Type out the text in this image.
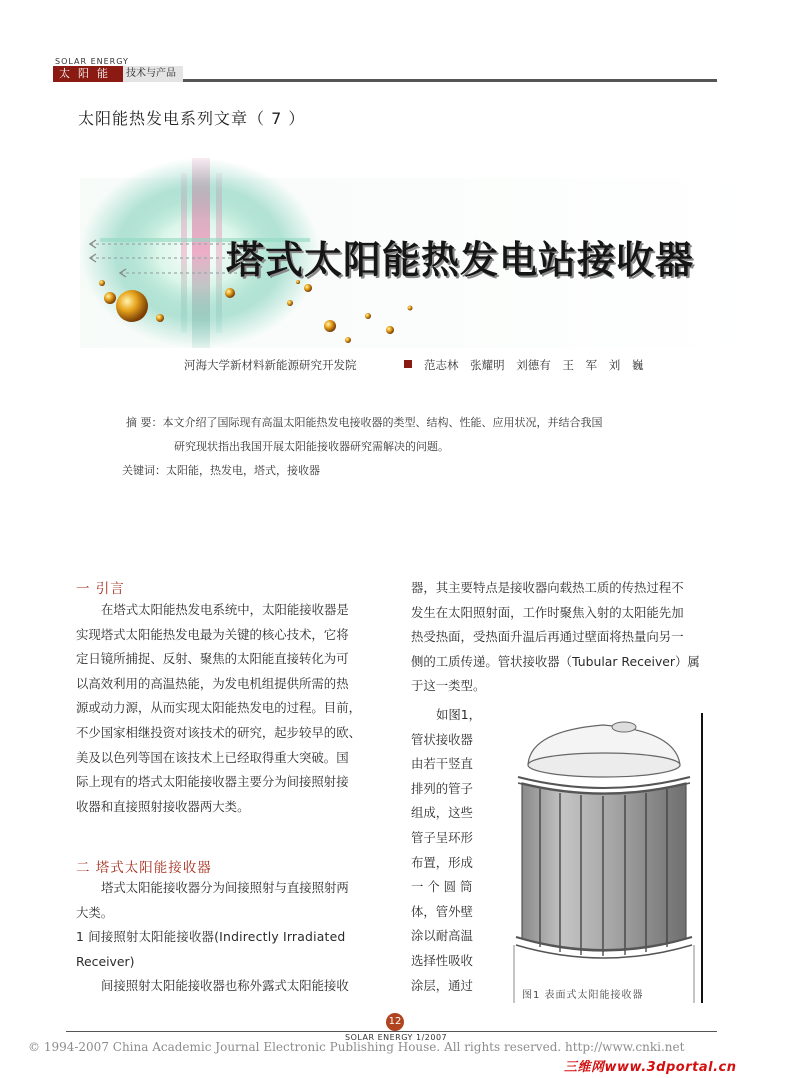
SOLAR ENERGY
太阳能	技术与产品
太阳能热发电系列文章（ 7 ）
塔式太阳能热发电站接收器
河海大学新材料新能源研究开发院	范志林 张耀明 刘德有 王 军 刘 巍
摘 要：本文介绍了国际现有高温太阳能热发电接收器的类型、结构、性能、应用状况，并结合我国
研究现状指出我国开展太阳能接收器研究需解决的问题。
关键词：太阳能，热发电，塔式，接收器
一 引言
在塔式太阳能热发电系统中，太阳能接收器是
实现塔式太阳能热发电最为关键的核心技术，它将
定日镜所捕捉、反射、聚焦的太阳能直接转化为可
以高效利用的高温热能，为发电机组提供所需的热
源或动力源，从而实现太阳能热发电的过程。目前，
不少国家相继投资对该技术的研究，起步较早的欧、
美及以色列等国在该技术上已经取得重大突破。国
际上现有的塔式太阳能接收器主要分为间接照射接
收器和直接照射接收器两大类。
二 塔式太阳能接收器
塔式太阳能接收器分为间接照射与直接照射两
大类。
1 间接照射太阳能接收器(Indirectly Irradiated
Receiver)
间接照射太阳能接收器也称外露式太阳能接收
器，其主要特点是接收器向载热工质的传热过程不
发生在太阳照射面，工作时聚焦入射的太阳能先加
热受热面，受热面升温后再通过壁面将热量向另一
侧的工质传递。管状接收器（Tubular Receiver）属
于这一类型。
如图1，
管状接收器
由若干竖直
排列的管子
组成，这些
管子呈环形
布置，形成
一 个 圆 筒
体，管外壁
涂以耐高温
选择性吸收
涂层，通过
图1 表面式太阳能接收器
12
SOLAR ENERGY 1/2007
© 1994-2007 China Academic Journal Electronic Publishing House. All rights reserved. http://www.cnki.net
三维网www.3dportal.cn
